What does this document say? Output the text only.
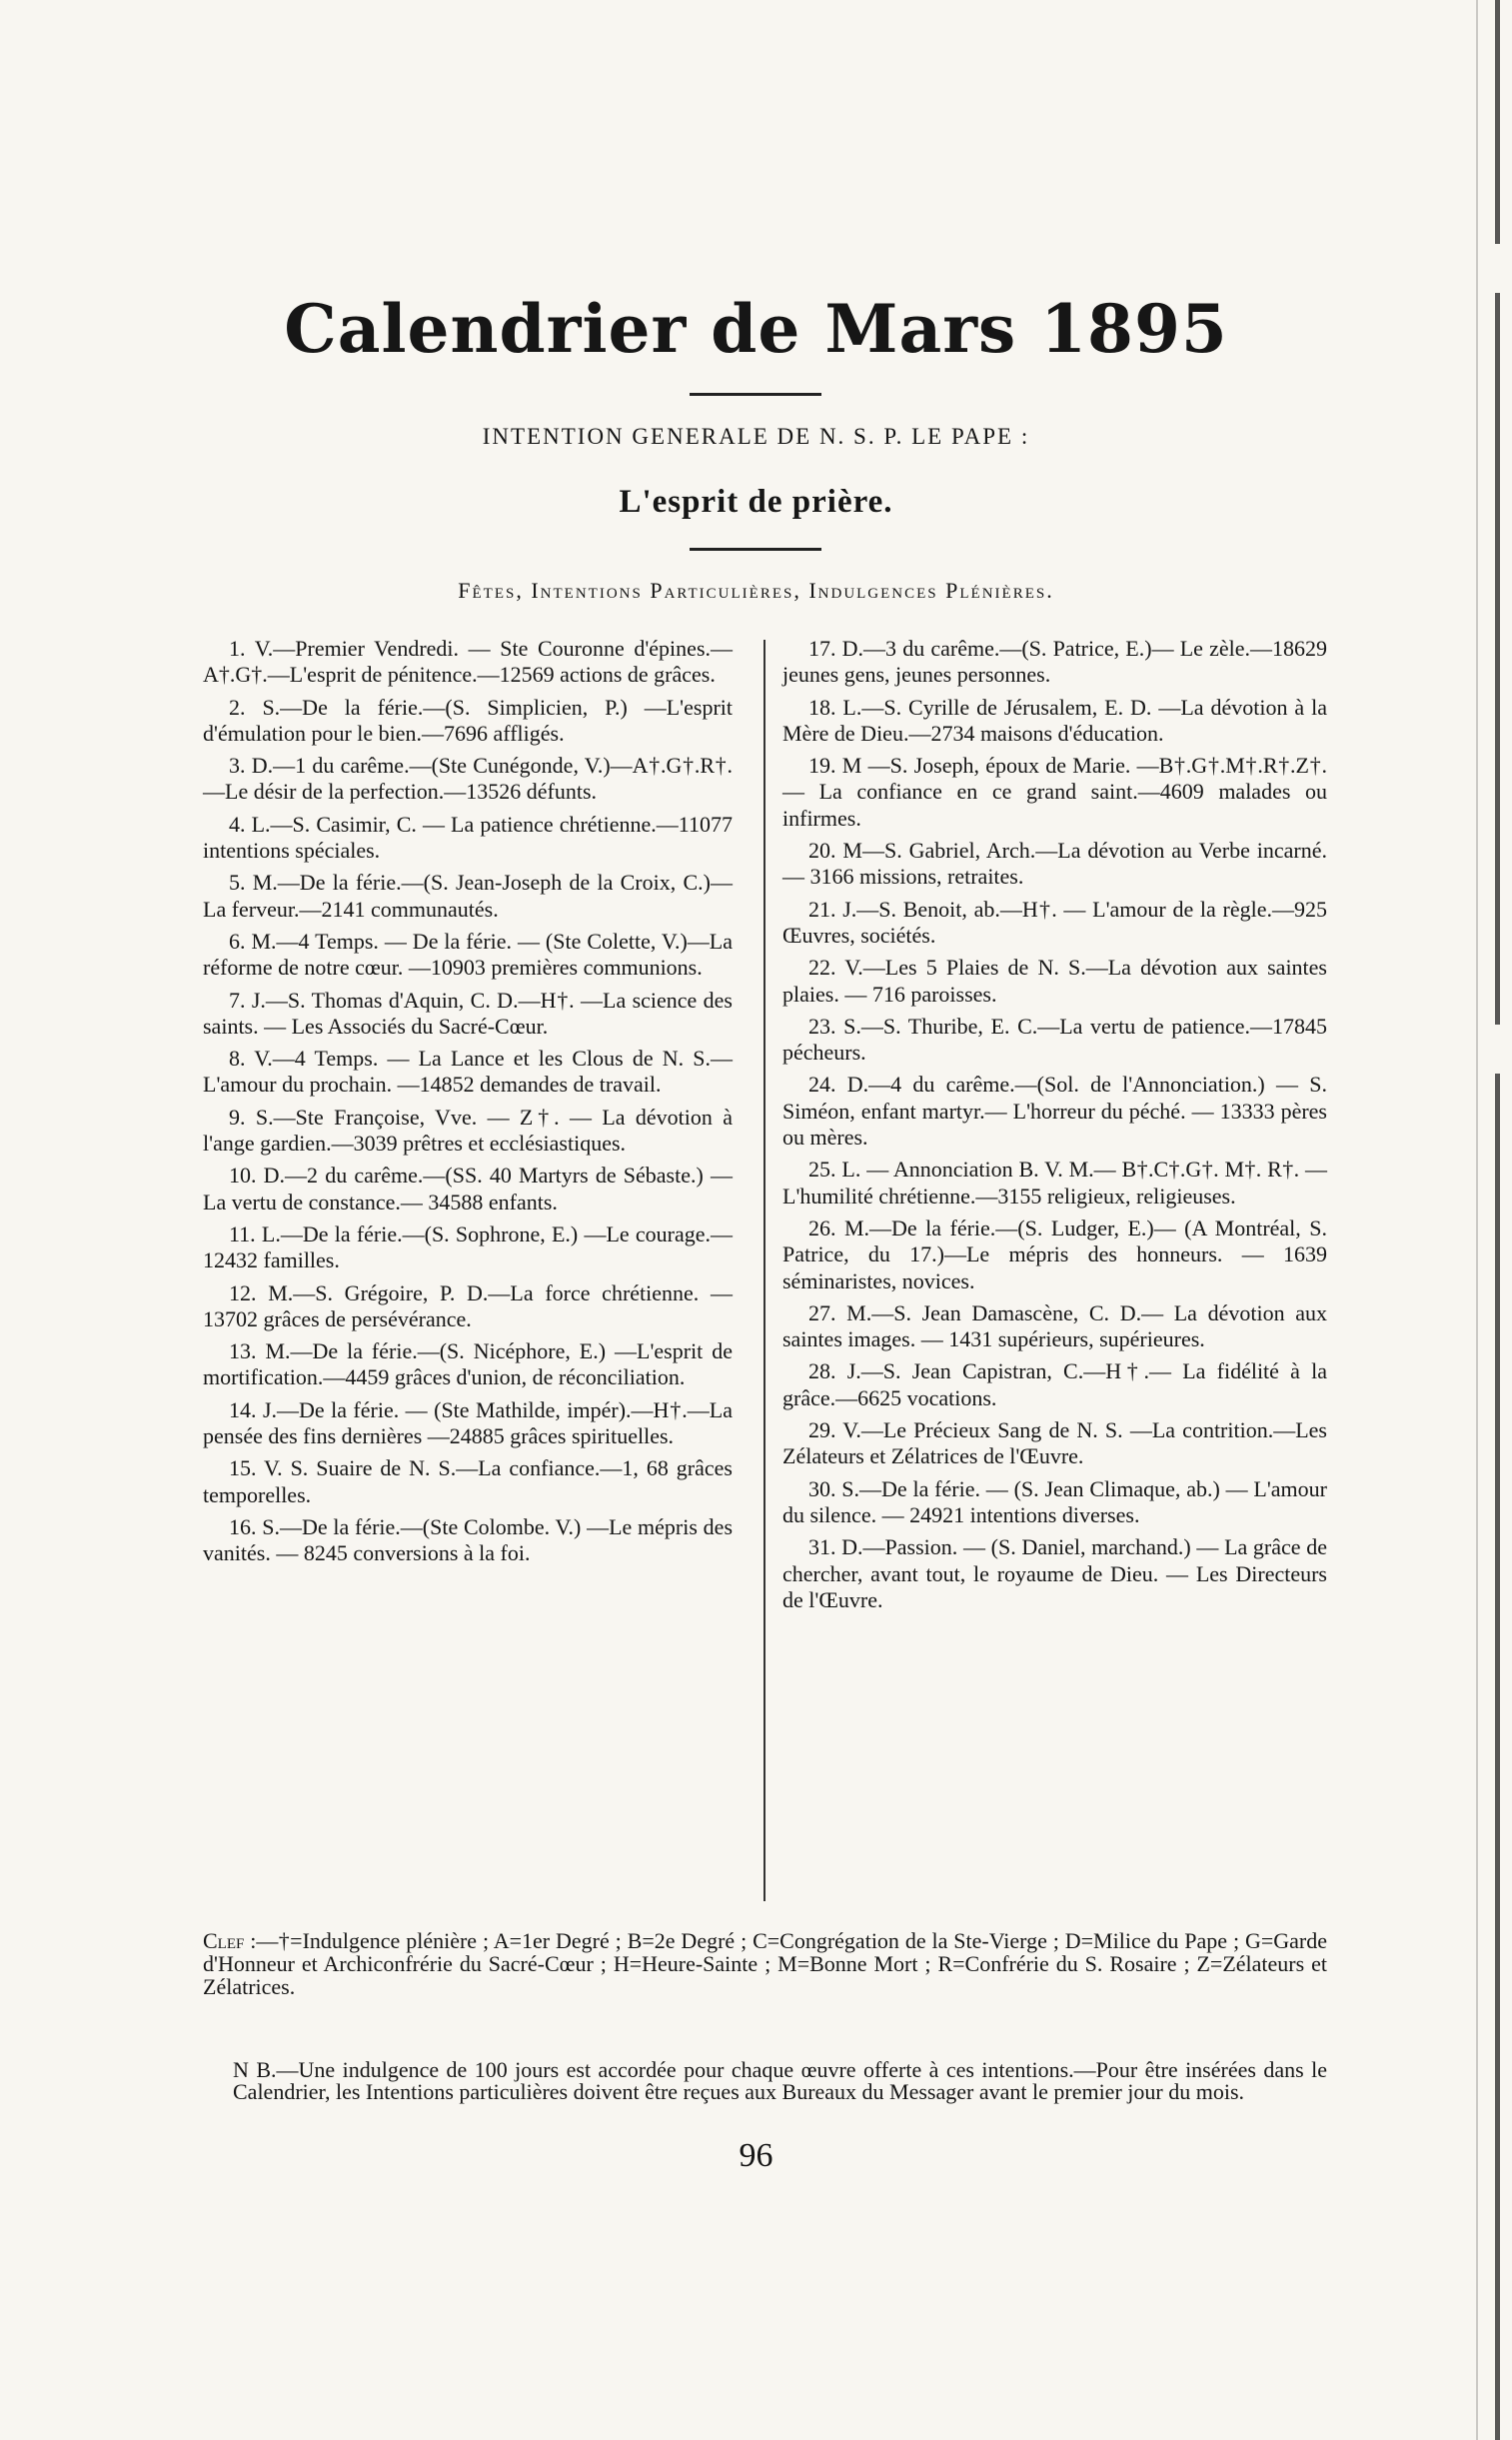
Calendrier de Mars 1895
INTENTION GENERALE DE N. S. P. LE PAPE :
L'esprit de prière.
Fêtes, Intentions Particulières, Indulgences Plénières.

1. V.—Premier Vendredi. — Ste Couronne d'épines.—A†.G†.—L'esprit de pénitence.—12569 actions de grâces.

2. S.—De la férie.—(S. Simplicien, P.) —L'esprit d'émulation pour le bien.—7696 affligés.

3. D.—1 du carême.—(Ste Cunégonde, V.)—A†.G†.R†.—Le désir de la perfection.—13526 défunts.

4. L.—S. Casimir, C. — La patience chrétienne.—11077 intentions spéciales.

5. M.—De la férie.—(S. Jean-Joseph de la Croix, C.)—La ferveur.—2141 communautés.

6. M.—4 Temps. — De la férie. — (Ste Colette, V.)—La réforme de notre cœur. —10903 premières communions.

7. J.—S. Thomas d'Aquin, C. D.—H†. —La science des saints. — Les Associés du Sacré-Cœur.

8. V.—4 Temps. — La Lance et les Clous de N. S.—L'amour du prochain. —14852 demandes de travail.

9. S.—Ste Françoise, Vve. — Z†. — La dévotion à l'ange gardien.—3039 prêtres et ecclésiastiques.

10. D.—2 du carême.—(SS. 40 Martyrs de Sébaste.) — La vertu de constance.— 34588 enfants.

11. L.—De la férie.—(S. Sophrone, E.) —Le courage.—12432 familles.

12. M.—S. Grégoire, P. D.—La force chrétienne. — 13702 grâces de persévérance.

13. M.—De la férie.—(S. Nicéphore, E.) —L'esprit de mortification.—4459 grâces d'union, de réconciliation.

14. J.—De la férie. — (Ste Mathilde, impér).—H†.—La pensée des fins dernières —24885 grâces spirituelles.

15. V. S. Suaire de N. S.—La confiance.—1, 68 grâces temporelles.

16. S.—De la férie.—(Ste Colombe. V.) —Le mépris des vanités. — 8245 conversions à la foi.

17. D.—3 du carême.—(S. Patrice, E.)— Le zèle.—18629 jeunes gens, jeunes personnes.

18. L.—S. Cyrille de Jérusalem, E. D. —La dévotion à la Mère de Dieu.—2734 maisons d'éducation.

19. M —S. Joseph, époux de Marie. —B†.G†.M†.R†.Z†. — La confiance en ce grand saint.—4609 malades ou infirmes.

20. M—S. Gabriel, Arch.—La dévotion au Verbe incarné. — 3166 missions, retraites.

21. J.—S. Benoit, ab.—H†. — L'amour de la règle.—925 Œuvres, sociétés.

22. V.—Les 5 Plaies de N. S.—La dévotion aux saintes plaies. — 716 paroisses.

23. S.—S. Thuribe, E. C.—La vertu de patience.—17845 pécheurs.

24. D.—4 du carême.—(Sol. de l'Annonciation.) — S. Siméon, enfant martyr.— L'horreur du péché. — 13333 pères ou mères.

25. L. — Annonciation B. V. M.— B†.C†.G†. M†. R†. — L'humilité chrétienne.—3155 religieux, religieuses.

26. M.—De la férie.—(S. Ludger, E.)— (A Montréal, S. Patrice, du 17.)—Le mépris des honneurs. — 1639 séminaristes, novices.

27. M.—S. Jean Damascène, C. D.— La dévotion aux saintes images. — 1431 supérieurs, supérieures.

28. J.—S. Jean Capistran, C.—H†.— La fidélité à la grâce.—6625 vocations.

29. V.—Le Précieux Sang de N. S. —La contrition.—Les Zélateurs et Zélatrices de l'Œuvre.

30. S.—De la férie. — (S. Jean Climaque, ab.) — L'amour du silence. — 24921 intentions diverses.

31. D.—Passion. — (S. Daniel, marchand.) — La grâce de chercher, avant tout, le royaume de Dieu. — Les Directeurs de l'Œuvre.

Clef :—†=Indulgence plénière ; A=1er Degré ; B=2e Degré ; C=Congrégation de la Ste-Vierge ; D=Milice du Pape ; G=Garde d'Honneur et Archiconfrérie du Sacré-Cœur ; H=Heure-Sainte ; M=Bonne Mort ; R=Confrérie du S. Rosaire ; Z=Zélateurs et Zélatrices.
N B.—Une indulgence de 100 jours est accordée pour chaque œuvre offerte à ces intentions.—Pour être insérées dans le Calendrier, les Intentions particulières doivent être reçues aux Bureaux du Messager avant le premier jour du mois.
96
